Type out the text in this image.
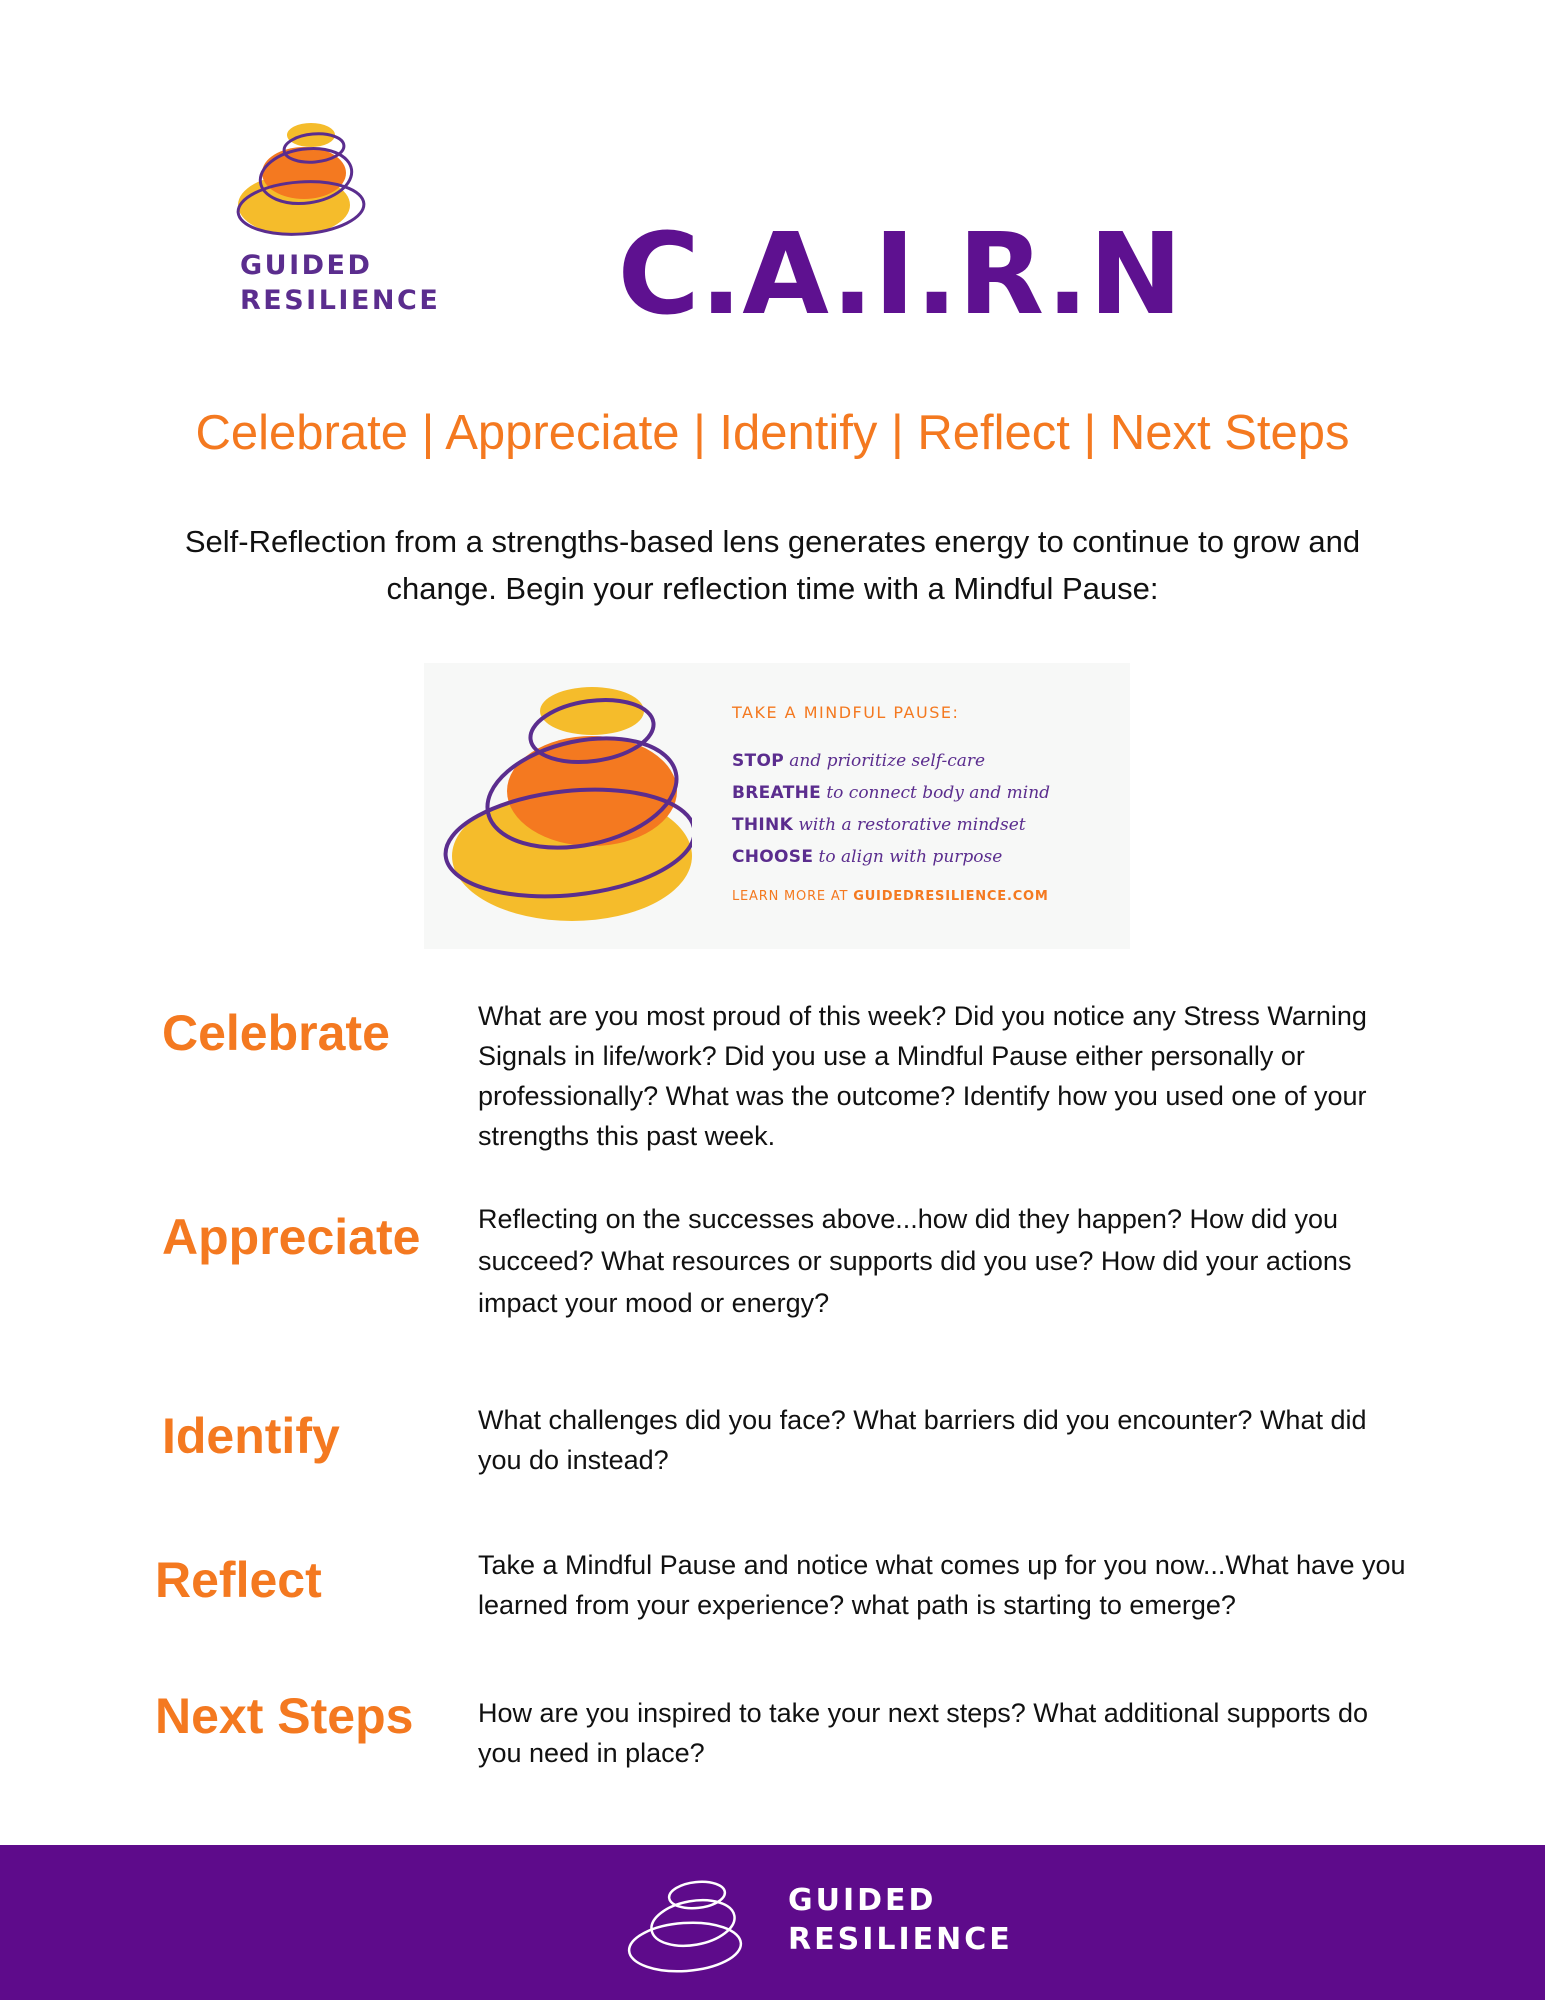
GUIDED
RESILIENCE C.A.I.R.N
Celebrate | Appreciate | Identify | Reflect | Next Steps
Self-Reflection from a strengths-based lens generates energy to continue to grow and change. Begin your reflection time with a Mindful Pause:
TAKE A MINDFUL PAUSE:
STOP and prioritize self-care
BREATHE to connect body and mind
THINK with a restorative mindset
CHOOSE to align with purpose
LEARN MORE AT GUIDEDRESILIENCE.COM
Celebrate	What are you most proud of this week? Did you notice any Stress Warning Signals in life/work? Did you use a Mindful Pause either personally or professionally? What was the outcome? Identify how you used one of your strengths this past week.
Appreciate Reflecting on the successes above...how did they happen? How did you succeed? What resources or supports did you use? How did your actions impact your mood or energy?
Identify	What challenges did you face? What barriers did you encounter? What did you do instead?
Reflect	Take a Mindful Pause and notice what comes up for you now...What have you learned from your experience? what path is starting to emerge?
Next Steps How are you inspired to take your next steps? What additional supports do you need in place?
GUIDED
RESILIENCE
